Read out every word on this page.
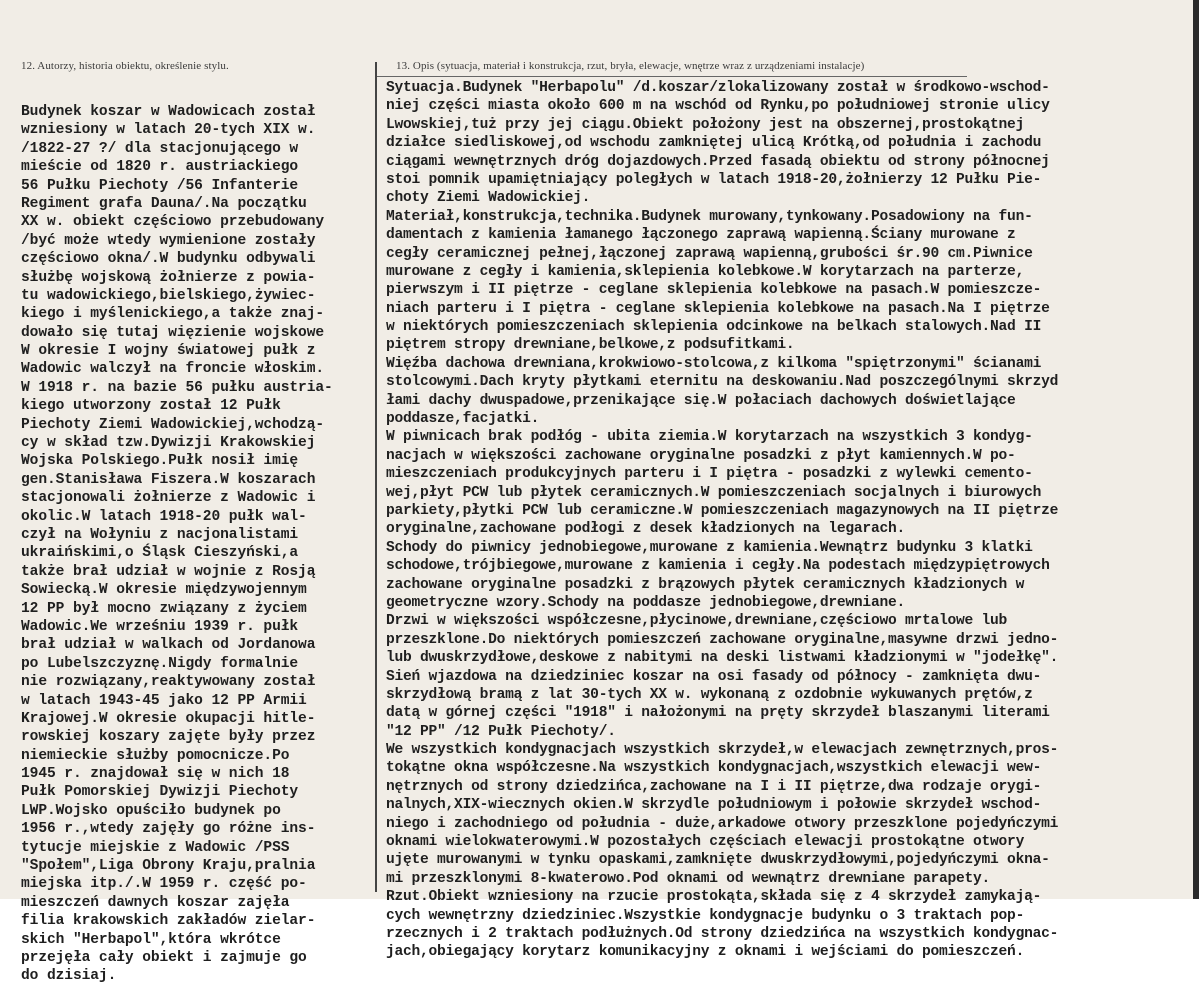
12. Autorzy, historia obiektu, określenie stylu.	13. Opis (sytuacja, materiał i konstrukcja, rzut, bryła, elewacje, wnętrze wraz z urządzeniami instalacje)
Budynek koszar w Wadowicach został
wzniesiony w latach 20-tych XIX w.
/1822-27 ?/ dla stacjonującego w
mieście od 1820 r. austriackiego
56 Pułku Piechoty /56 Infanterie
Regiment grafa Dauna/.Na początku
XX w. obiekt częściowo przebudowany
/być może wtedy wymienione zostały
częściowo okna/.W budynku odbywali
służbę wojskową żołnierze z powia-
tu wadowickiego,bielskiego,żywiec-
kiego i myślenickiego,a także znaj-
dowało się tutaj więzienie wojskowe
W okresie I wojny światowej pułk z
Wadowic walczył na froncie włoskim.
W 1918 r. na bazie 56 pułku austria-
kiego utworzony został 12 Pułk
Piechoty Ziemi Wadowickiej,wchodzą-
cy w skład tzw.Dywizji Krakowskiej
Wojska Polskiego.Pułk nosił imię
gen.Stanisława Fiszera.W koszarach
stacjonowali żołnierze z Wadowic i
okolic.W latach 1918-20 pułk wal-
czył na Wołyniu z nacjonalistami
ukraińskimi,o Śląsk Cieszyński,a
także brał udział w wojnie z Rosją
Sowiecką.W okresie międzywojennym
12 PP był mocno związany z życiem
Wadowic.We wrześniu 1939 r. pułk
brał udział w walkach od Jordanowa
po Lubelszczyznę.Nigdy formalnie
nie rozwiązany,reaktywowany został
w latach 1943-45 jako 12 PP Armii
Krajowej.W okresie okupacji hitle-
rowskiej koszary zajęte były przez
niemieckie służby pomocnicze.Po
1945 r. znajdował się w nich 18
Pułk Pomorskiej Dywizji Piechoty
LWP.Wojsko opuściło budynek po
1956 r.,wtedy zajęły go różne ins-
tytucje miejskie z Wadowic /PSS
"Społem",Liga Obrony Kraju,pralnia
miejska itp./.W 1959 r. część po-
mieszczeń dawnych koszar zajęła
filia krakowskich zakładów zielar-
skich "Herbapol",która wkrótce
przejęła cały obiekt i zajmuje go
do dzisiaj.
Sytuacja.Budynek "Herbapolu" /d.koszar/zlokalizowany został w środkowo-wschod-
niej części miasta około 600 m na wschód od Rynku,po południowej stronie ulicy
Lwowskiej,tuż przy jej ciągu.Obiekt położony jest na obszernej,prostokątnej
działce siedliskowej,od wschodu zamkniętej ulicą Krótką,od południa i zachodu
ciągami wewnętrznych dróg dojazdowych.Przed fasadą obiektu od strony północnej
stoi pomnik upamiętniający poległych w latach 1918-20,żołnierzy 12 Pułku Pie-
choty Ziemi Wadowickiej.
Materiał,konstrukcja,technika.Budynek murowany,tynkowany.Posadowiony na fun-
damentach z kamienia łamanego łączonego zaprawą wapienną.Ściany murowane z
cegły ceramicznej pełnej,łączonej zaprawą wapienną,grubości śr.90 cm.Piwnice
murowane z cegły i kamienia,sklepienia kolebkowe.W korytarzach na parterze,
pierwszym i II piętrze - ceglane sklepienia kolebkowe na pasach.W pomieszcze-
niach parteru i I piętra - ceglane sklepienia kolebkowe na pasach.Na I piętrze
w niektórych pomieszczeniach sklepienia odcinkowe na belkach stalowych.Nad II
piętrem stropy drewniane,belkowe,z podsufitkami.
Więźba dachowa drewniana,krokwiowo-stolcowa,z kilkoma "spiętrzonymi" ścianami
stolcowymi.Dach kryty płytkami eternitu na deskowaniu.Nad poszczególnymi skrzyd
łami dachy dwuspadowe,przenikające się.W połaciach dachowych doświetlające
poddasze,facjatki.
W piwnicach brak podłóg - ubita ziemia.W korytarzach na wszystkich 3 kondyg-
nacjach w większości zachowane oryginalne posadzki z płyt kamiennych.W po-
mieszczeniach produkcyjnych parteru i I piętra - posadzki z wylewki cemento-
wej,płyt PCW lub płytek ceramicznych.W pomieszczeniach socjalnych i biurowych
parkiety,płytki PCW lub ceramiczne.W pomieszczeniach magazynowych na II piętrze
oryginalne,zachowane podłogi z desek kładzionych na legarach.
Schody do piwnicy jednobiegowe,murowane z kamienia.Wewnątrz budynku 3 klatki
schodowe,trójbiegowe,murowane z kamienia i cegły.Na podestach międzypiętrowych
zachowane oryginalne posadzki z brązowych płytek ceramicznych kładzionych w
geometryczne wzory.Schody na poddasze jednobiegowe,drewniane.
Drzwi w większości współczesne,płycinowe,drewniane,częściowo mrtalowe lub
przeszklone.Do niektórych pomieszczeń zachowane oryginalne,masywne drzwi jedno-
lub dwuskrzydłowe,deskowe z nabitymi na deski listwami kładzionymi w "jodełkę".
Sień wjazdowa na dziedziniec koszar na osi fasady od północy - zamknięta dwu-
skrzydłową bramą z lat 30-tych XX w. wykonaną z ozdobnie wykuwanych prętów,z
datą w górnej części "1918" i nałożonymi na pręty skrzydeł blaszanymi literami
"12 PP" /12 Pułk Piechoty/.
We wszystkich kondygnacjach wszystkich skrzydeł,w elewacjach zewnętrznych,pros-
tokątne okna współczesne.Na wszystkich kondygnacjach,wszystkich elewacji wew-
nętrznych od strony dziedzińca,zachowane na I i II piętrze,dwa rodzaje orygi-
nalnych,XIX-wiecznych okien.W skrzydle południowym i połowie skrzydeł wschod-
niego i zachodniego od południa - duże,arkadowe otwory przeszklone pojedyńczymi
oknami wielokwaterowymi.W pozostałych częściach elewacji prostokątne otwory
ujęte murowanymi w tynku opaskami,zamknięte dwuskrzydłowymi,pojedyńczymi okna-
mi przeszklonymi 8-kwaterowo.Pod oknami od wewnątrz drewniane parapety.
Rzut.Obiekt wzniesiony na rzucie prostokąta,składa się z 4 skrzydeł zamykają-
cych wewnętrzny dziedziniec.Wszystkie kondygnacje budynku o 3 traktach pop-
rzecznych i 2 traktach podłużnych.Od strony dziedzińca na wszystkich kondygnac-
jach,obiegający korytarz komunikacyjny z oknami i wejściami do pomieszczeń.
